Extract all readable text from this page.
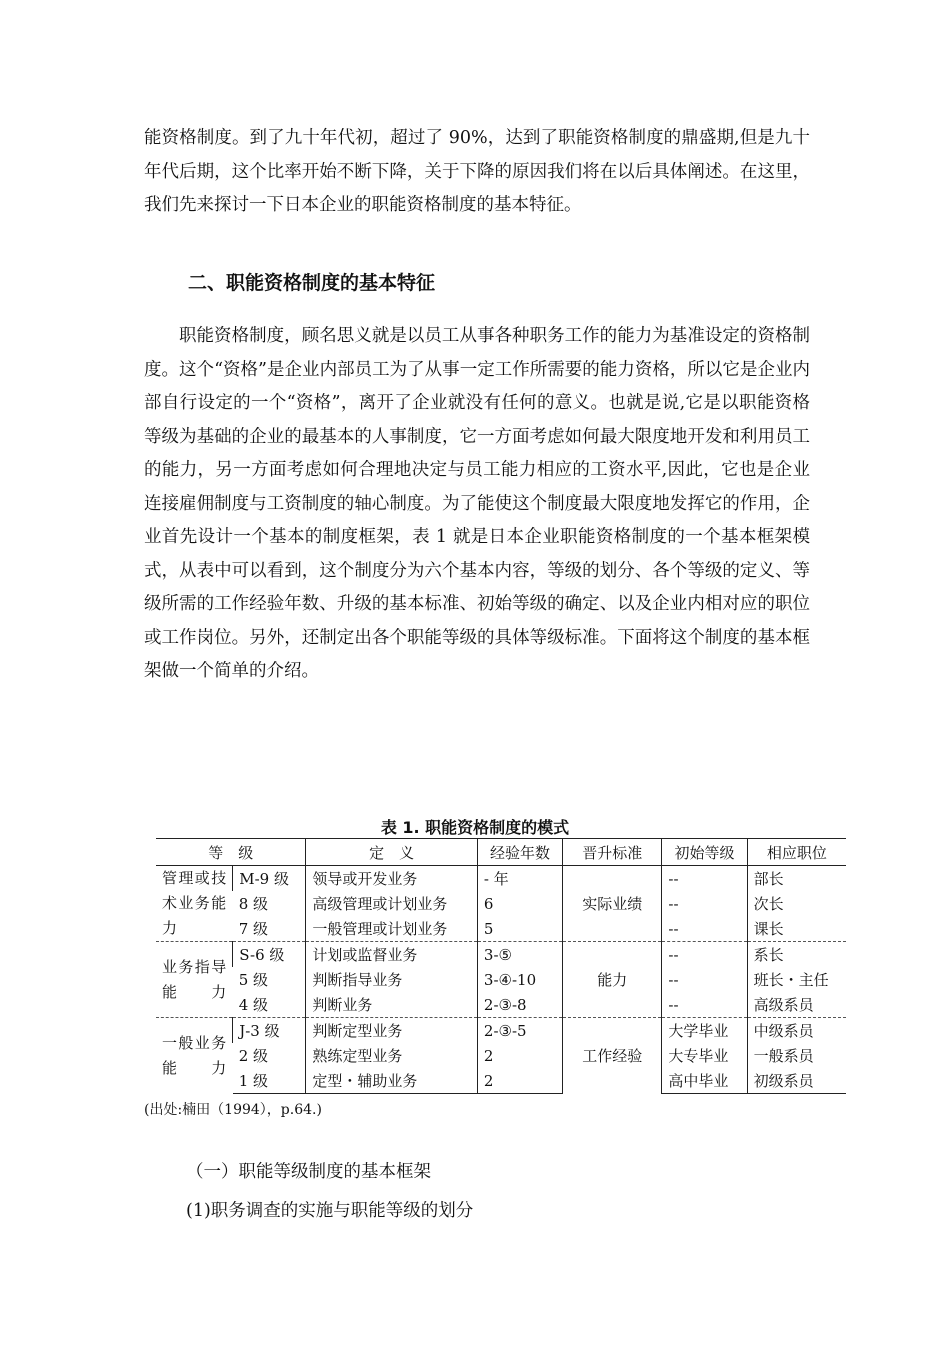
能资格制度。到了九十年代初，超过了 90%，达到了职能资格制度的鼎盛期,但是九十年代后期，这个比率开始不断下降，关于下降的原因我们将在以后具体阐述。在这里，我们先来探讨一下日本企业的职能资格制度的基本特征。

二、职能资格制度的基本特征

职能资格制度，顾名思义就是以员工从事各种职务工作的能力为基准设定的资格制度。这个“资格”是企业内部员工为了从事一定工作所需要的能力资格，所以它是企业内部自行设定的一个“资格”，离开了企业就没有任何的意义。也就是说,它是以职能资格等级为基础的企业的最基本的人事制度，它一方面考虑如何最大限度地开发和利用员工的能力，另一方面考虑如何合理地决定与员工能力相应的工资水平,因此，它也是企业连接雇佣制度与工资制度的轴心制度。为了能使这个制度最大限度地发挥它的作用，企业首先设计一个基本的制度框架，表 1 就是日本企业职能资格制度的一个基本框架模式，从表中可以看到，这个制度分为六个基本内容，等级的划分、各个等级的定义、等级所需的工作经验年数、升级的基本标准、初始等级的确定、以及企业内相对应的职位或工作岗位。另外，还制定出各个职能等级的具体等级标准。下面将这个制度的基本框架做一个简单的介绍。

表 1. 职能资格制度的模式
等　级		定　义	经验年数	晋升标准	初始等级	相应职位
管理或技术业务能力	M-9 级	领导或开发业务	- 年	实际业绩	--	部长
	8 级	高级管理或计划业务	6		--	次长
	7 级	一般管理或计划业务	5		--	课长
业务指导能力	S-6 级	计划或监督业务	3-⑤	能力	--	系长
	5 级	判断指导业务	3-④-10		--	班长・主任
	4 级	判断业务	2-③-8		--	高级系员
一般业务能力	J-3 级	判断定型业务	2-③-5	工作经验	大学毕业	中级系员
	2 级	熟练定型业务	2		大专毕业	一般系员
	1 级	定型・辅助业务	2		高中毕业	初级系员
(出处:楠田（1994），p.64.)
（一）职能等级制度的基本框架
(1)职务调查的实施与职能等级的划分
